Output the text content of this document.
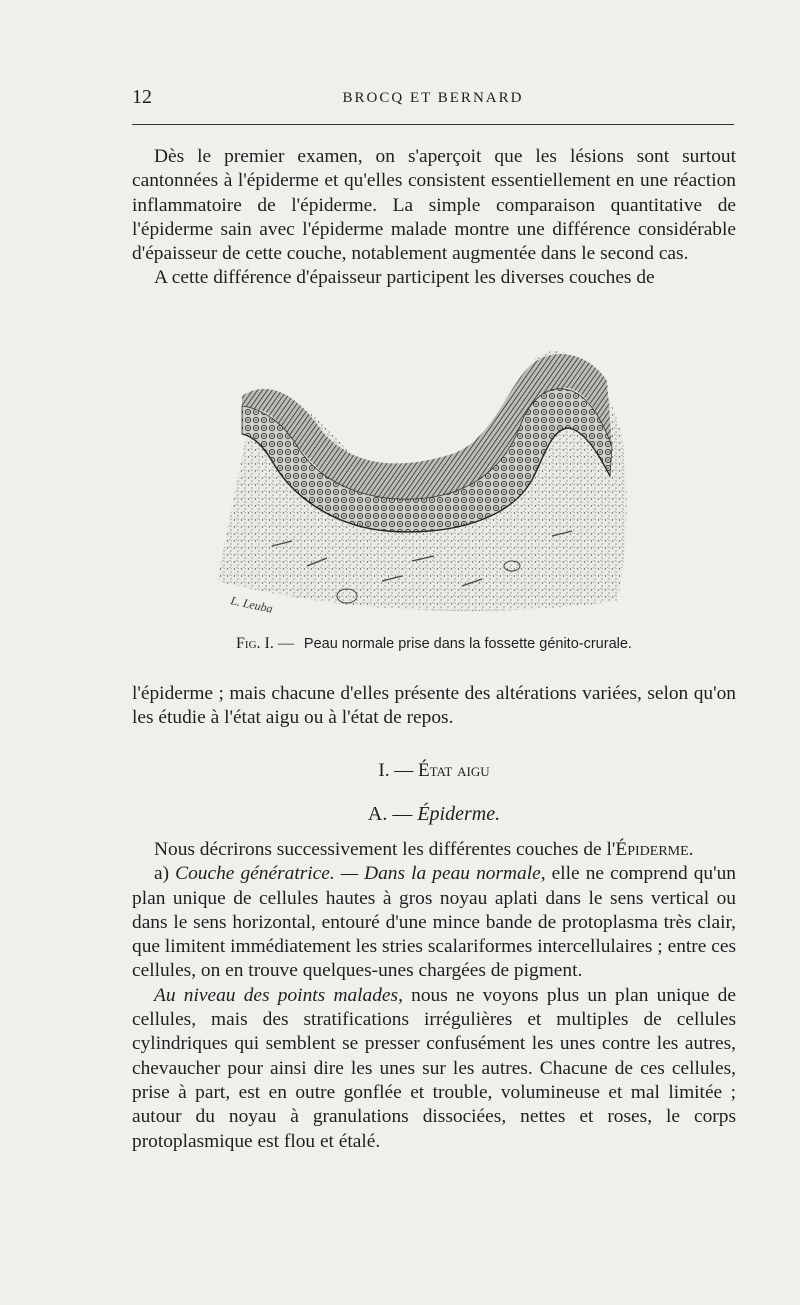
12	BROCQ ET BERNARD

Dès le premier examen, on s'aperçoit que les lésions sont surtout cantonnées à l'épiderme et qu'elles consistent essentiellement en une réaction inflammatoire de l'épiderme. La simple comparaison quantitative de l'épiderme sain avec l'épiderme malade montre une différence considérable d'épaisseur de cette couche, notablement augmentée dans le second cas.

A cette différence d'épaisseur participent les diverses couches de

L. Leuba
Fig. I. — Peau normale prise dans la fossette génito-crurale.

l'épiderme ; mais chacune d'elles présente des altérations variées, selon qu'on les étudie à l'état aigu ou à l'état de repos.

I. — État aigu
A. — Épiderme.

Nous décrirons successivement les différentes couches de l'Épiderme.

a) Couche génératrice. — Dans la peau normale, elle ne comprend qu'un plan unique de cellules hautes à gros noyau aplati dans le sens vertical ou dans le sens horizontal, entouré d'une mince bande de protoplasma très clair, que limitent immédiatement les stries scalariformes intercellulaires ; entre ces cellules, on en trouve quelques-unes chargées de pigment.

Au niveau des points malades, nous ne voyons plus un plan unique de cellules, mais des stratifications irrégulières et multiples de cellules cylindriques qui semblent se presser confusément les unes contre les autres, chevaucher pour ainsi dire les unes sur les autres. Chacune de ces cellules, prise à part, est en outre gonflée et trouble, volumineuse et mal limitée ; autour du noyau à granulations dissociées, nettes et roses, le corps protoplasmique est flou et étalé.
